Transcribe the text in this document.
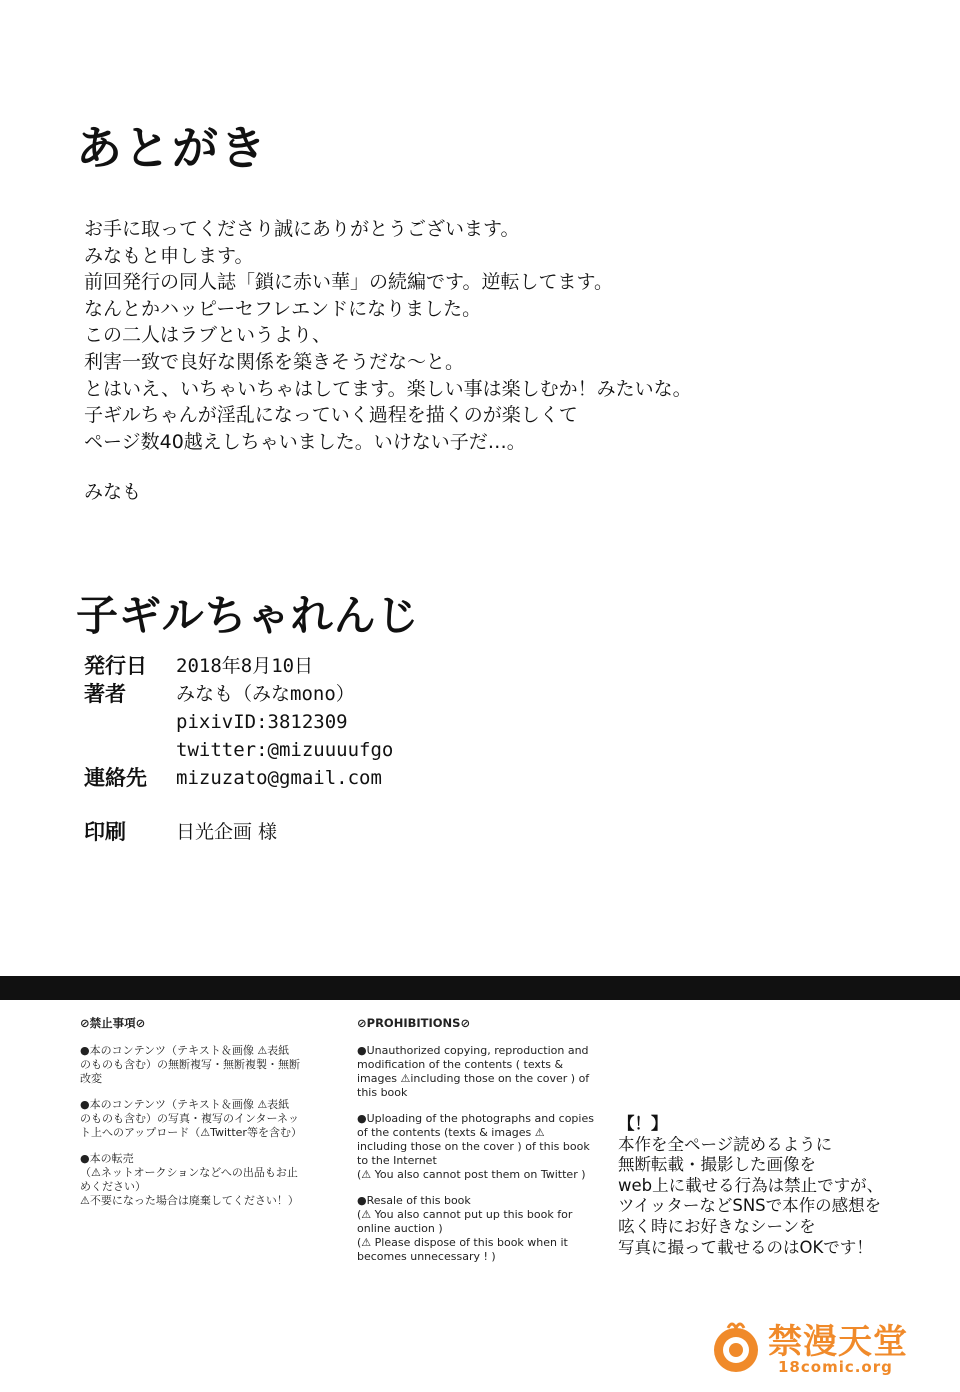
あとがき
お手に取ってくださり誠にありがとうございます。
みなもと申します。
前回発行の同人誌「鎖に赤い華」の続編です。逆転してます。
なんとかハッピーセフレエンドになりました。
この二人はラブというより、
利害一致で良好な関係を築きそうだな〜と。
とはいえ、いちゃいちゃはしてます。楽しい事は楽しむか！みたいな。
子ギルちゃんが淫乱になっていく過程を描くのが楽しくて
ページ数40越えしちゃいました。いけない子だ…。
みなも
子ギルちゃれんじ
発行日 2018年8月10日
著者	みなも（みなmono）
pixivID:3812309
twitter:@mizuuuufgo
連絡先 mizuzato@gmail.com
印刷	日光企画 様
⊘禁止事項⊘
●本のコンテンツ（テキスト＆画像 ⚠表紙のものも含む）の無断複写・無断複製・無断改変
●本のコンテンツ（テキスト＆画像 ⚠表紙のものも含む）の写真・複写のインターネット上へのアップロード（⚠Twitter等を含む）
●本の転売
（⚠ネットオークションなどへの出品もお止めください）
⚠不要になった場合は廃棄してください！）
⊘PROHIBITIONS⊘
●Unauthorized copying, reproduction and modification of the contents ( texts & images ⚠including those on the cover ) of this book
●Uploading of the photographs and copies of the contents (texts & images ⚠ including those on the cover ) of this book to the Internet
(⚠ You also cannot post them on Twitter )
●Resale of this book
(⚠ You also cannot put up this book for online auction )
(⚠ Please dispose of this book when it becomes unnecessary ! )
【！】
本作を全ページ読めるように
無断転載・撮影した画像を
web上に載せる行為は禁止ですが、
ツイッターなどSNSで本作の感想を
呟く時にお好きなシーンを
写真に撮って載せるのはOKです！
禁漫天堂
18comic.org
